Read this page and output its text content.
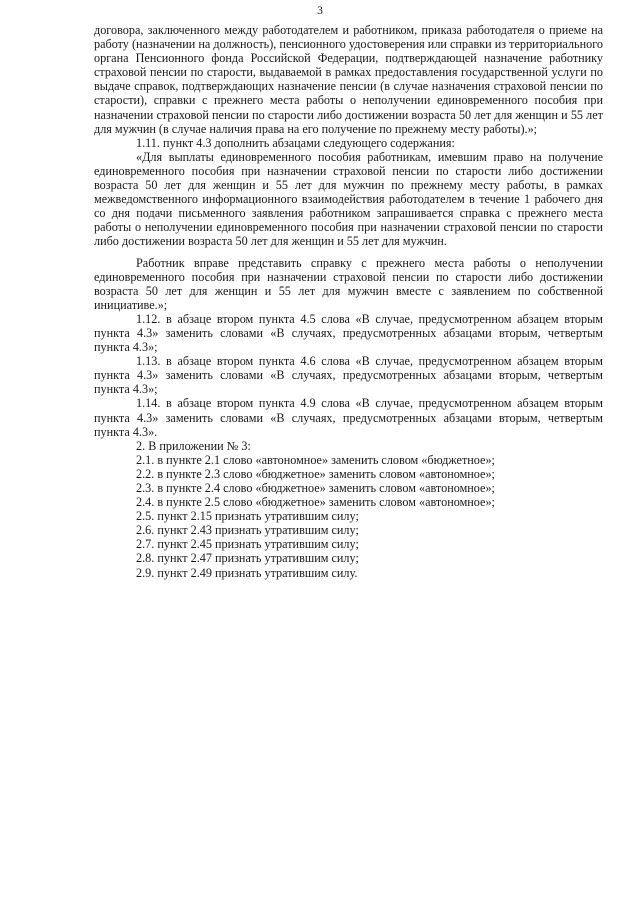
3

договора, заключенного между работодателем и работником, приказа работодателя о приеме на работу (назначении на должность), пенсионного удостоверения или справки из территориального органа Пенсионного фонда Российской Федерации, подтверждающей назначение работнику страховой пенсии по старости, выдаваемой в рамках предоставления государственной услуги по выдаче справок, подтверждающих назначение пенсии (в случае назначения страховой пенсии по старости), справки с прежнего места работы о неполучении единовременного пособия при назначении страховой пенсии по старости либо достижении возраста 50 лет для женщин и 55 лет для мужчин (в случае наличия права на его получение по прежнему месту работы).»;

1.11. пункт 4.3 дополнить абзацами следующего содержания:

«Для выплаты единовременного пособия работникам, имевшим право на получение единовременного пособия при назначении страховой пенсии по старости либо достижении возраста 50 лет для женщин и 55 лет для мужчин по прежнему месту работы, в рамках межведомственного информационного взаимодействия работодателем в течение 1 рабочего дня со дня подачи письменного заявления работником запрашивается справка с прежнего места работы о неполучении единовременного пособия при назначении страховой пенсии по старости либо достижении возраста 50 лет для женщин и 55 лет для мужчин.

Работник вправе представить справку с прежнего места работы о неполучении единовременного пособия при назначении страховой пенсии по старости либо достижении возраста 50 лет для женщин и 55 лет для мужчин вместе с заявлением по собственной инициативе.»;

1.12. в абзаце втором пункта 4.5 слова «В случае, предусмотренном абзацем вторым пункта 4.3» заменить словами «В случаях, предусмотренных абзацами вторым, четвертым пункта 4.3»;

1.13. в абзаце втором пункта 4.6 слова «В случае, предусмотренном абзацем вторым пункта 4.3» заменить словами «В случаях, предусмотренных абзацами вторым, четвертым пункта 4.3»;

1.14. в абзаце втором пункта 4.9 слова «В случае, предусмотренном абзацем вторым пункта 4.3» заменить словами «В случаях, предусмотренных абзацами вторым, четвертым пункта 4.3».

2. В приложении № 3:

2.1. в пункте 2.1 слово «автономное» заменить словом «бюджетное»;

2.2. в пункте 2.3 слово «бюджетное» заменить словом «автономное»;

2.3. в пункте 2.4 слово «бюджетное» заменить словом «автономное»;

2.4. в пункте 2.5 слово «бюджетное» заменить словом «автономное»;

2.5. пункт 2.15 признать утратившим силу;

2.6. пункт 2.43 признать утратившим силу;

2.7. пункт 2.45 признать утратившим силу;

2.8. пункт 2.47 признать утратившим силу;

2.9. пункт 2.49 признать утратившим силу.
